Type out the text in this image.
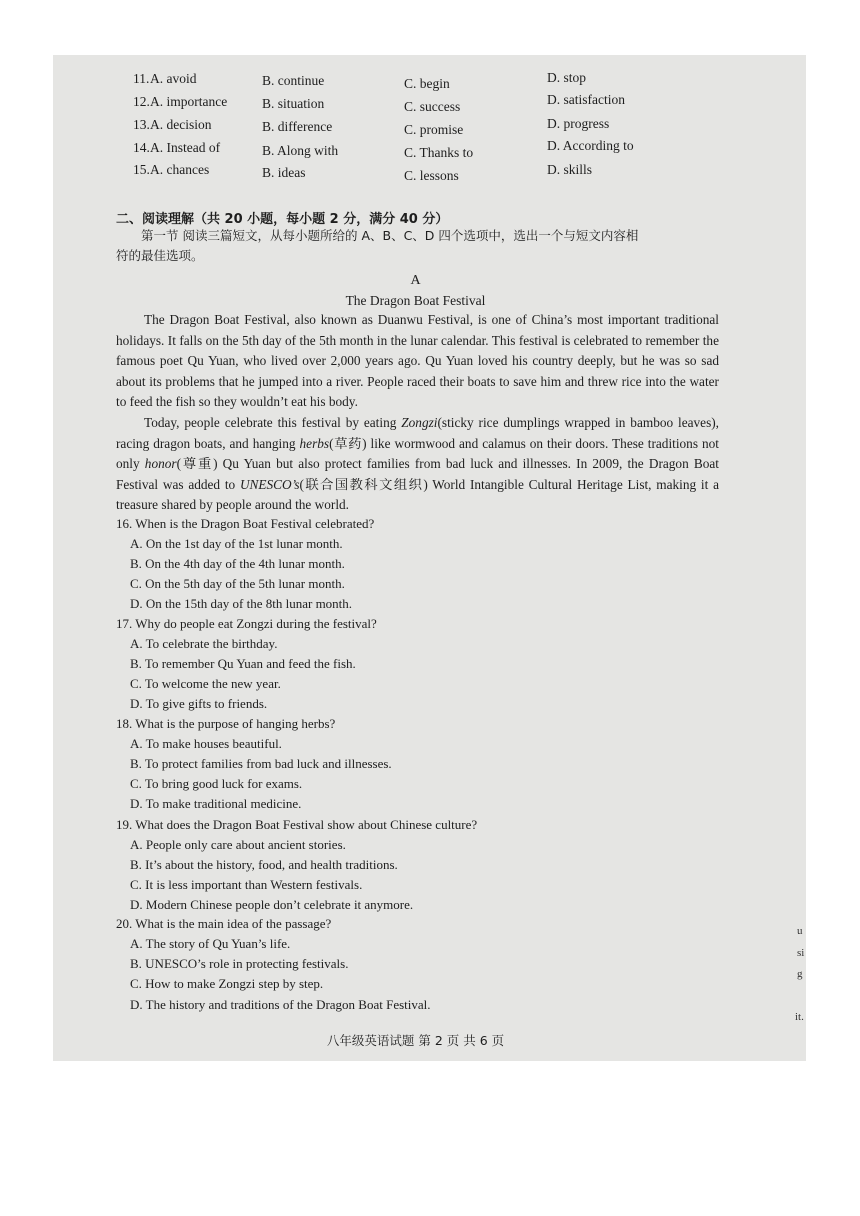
11. A. avoid	B. continue	C. begin	D. stop
12. A. importance	B. situation	C. success	D. satisfaction
13. A. decision	B. difference	C. promise	D. progress
14. A. Instead of	B. Along with	C. Thanks to	D. According to
15. A. chances	B. ideas	C. lessons	D. skills
二、阅读理解（共 20 小题，每小题 2 分，满分 40 分）
第一节 阅读三篇短文，从每小题所给的 A、B、C、D 四个选项中，选出一个与短文内容相
符的最佳选项。
A
The Dragon Boat Festival
The Dragon Boat Festival, also known as Duanwu Festival, is one of China’s most important traditional holidays. It falls on the 5th day of the 5th month in the lunar calendar. This festival is celebrated to remember the famous poet Qu Yuan, who lived over 2,000 years ago. Qu Yuan loved his country deeply, but he was so sad about its problems that he jumped into a river. People raced their boats to save him and threw rice into the water to feed the fish so they wouldn’t eat his body.
Today, people celebrate this festival by eating Zongzi(sticky rice dumplings wrapped in bamboo leaves), racing dragon boats, and hanging herbs(草药) like wormwood and calamus on their doors. These traditions not only honor(尊重) Qu Yuan but also protect families from bad luck and illnesses. In 2009, the Dragon Boat Festival was added to UNESCO’s(联合国教科文组织) World Intangible Cultural Heritage List, making it a treasure shared by people around the world.
16. When is the Dragon Boat Festival celebrated?
A. On the 1st day of the 1st lunar month.
B. On the 4th day of the 4th lunar month.
C. On the 5th day of the 5th lunar month.
D. On the 15th day of the 8th lunar month.
17. Why do people eat Zongzi during the festival?
A. To celebrate the birthday.
B. To remember Qu Yuan and feed the fish.
C. To welcome the new year.
D. To give gifts to friends.
18. What is the purpose of hanging herbs?
A. To make houses beautiful.
B. To protect families from bad luck and illnesses.
C. To bring good luck for exams.
D. To make traditional medicine.
19. What does the Dragon Boat Festival show about Chinese culture?
A. People only care about ancient stories.
B. It’s about the history, food, and health traditions.
C. It is less important than Western festivals.
D. Modern Chinese people don’t celebrate it anymore.
20. What is the main idea of the passage?
A. The story of Qu Yuan’s life.
B. UNESCO’s role in protecting festivals.
C. How to make Zongzi step by step.
D. The history and traditions of the Dragon Boat Festival.
八年级英语试题 第 2 页 共 6 页
u
si
g
it.
